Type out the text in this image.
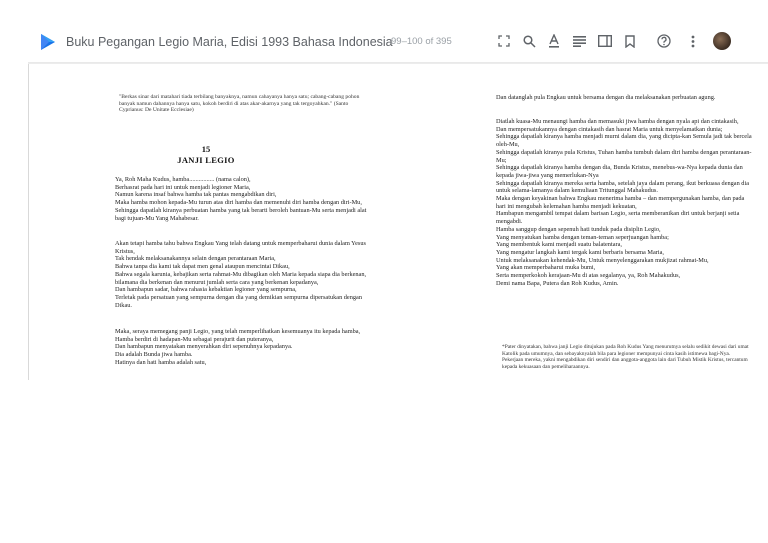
Buku Pegangan Legio Maria, Edisi 1993 Bahasa Indonesia
99–100 of 395

"Berkas sinar dari matahari tiada terbilang banyaknya, namun cahayanya hanya satu; cabang-cabang pohon banyak namun dahannya hanya satu, kokoh berdiri di atas akar-akarnya yang tak tergoyahkan." (Santo Cyprianus: De Unitate Ecclesiae)

15
JANJI LEGIO

Ya, Roh Maha Kudus, hamba................ (nama calon),

Berhasrat pada hari ini untuk menjadi legioner Maria,

Namun karena insaf bahwa hamba tak pantas mengabdikan diri,

Maka hamba mohon kepada-Mu turun atas diri hamba dan memenuhi diri hamba dengan diri-Mu,

Sehingga dapatlah kiranya perbuatan hamba yang tak berarti beroleh bantuan-Mu serta menjadi alat bagi tujuan-Mu Yang Mahabesar.

Akan tetapi hamba tahu bahwa Engkau Yang telah datang untuk memperbaharui dunia dalam Yesus Kristus,

Tak hendak melaksanakannya selain dengan perantaraan Maria,

Bahwa tanpa dia kami tak dapat men genal ataupun mencintai Dikau,

Bahwa segala karunia, kebajikan serta rahmat-Mu dibagikan oleh Maria kepada siapa dia berkenan, bilamana dia berkenan dan menurut jumlah serta cara yang berkenan kepadanya,

Dan hambapun sadar, bahwa rahasia kebaktian legioner yang sempurna,

Terletak pada persatuan yang sempurna dengan dia yang demikian sempurna dipersatukan dengan Dikau.

Maka, seraya memegang panji Legio, yang telah memperlihatkan kesemuanya itu kepada hamba,

Hamba berdiri di hadapan-Mu sebagai perajurit dan puteranya,

Dan hambapun menyatakan menyerahkan diri sepenuhnya kepadanya.

Dia adalah Bunda jiwa hamba.

Hatinya dan hati hamba adalah satu,

Dan datanglah pula Engkau untuk bersama dengan dia melaksanakan perbuatan agung.

Diatlah kuasa-Mu menaungi hamba dan memasuki jiwa hamba dengan nyala api dan cintakasih,

Dan mempersatukannya dengan cintakasih dan hasrat Maria untuk menyelamatkan dunia;

Sehingga dapatlah kiranya hamba menjadi murni dalam dia, yang dicipta-kan Semula jadi tak bercela oleh-Mu,

Sehingga dapatlah kiranya pula Kristus, Tuhan hamba tumbuh dalam diri hamba dengan perantaraan-Mu;

Sehingga dapatlah kiranya hamba dengan dia, Bunda Kristus, menebus-wa-Nya kepada dunia dan kepada jiwa-jiwa yang memerlukan-Nya

Sehingga dapatlah kiranya mereka serta hamba, setelah jaya dalam perang, ikut berkuasa dengan dia untuk selama-lamanya dalam kemuliaan Tritunggal Mahakudus.

Maka dengan keyakinan bahwa Engkau menerima hamba – dan mempergunakan hamba, dan pada hari ini mengubah kelemahan hamba menjadi kekuatan,

Hambapun mengambil tempat dalam barisan Legio, serta memberanikan diri untuk berjanji setia mengabdi.

Hamba sanggup dengan sepenuh hati tunduk pada disiplin Legio,

Yang menyatukan hamba dengan teman-teman seperjuangan hamba;

Yang membentuk kami menjadi suatu balatentara,

Yang mengatur langkah kami tergak kami berbaris bersama Maria,

Untuk melaksanakan kehendak-Mu, Untuk menyelenggarakan mukjizat rahmat-Mu,

Yang akan memperbaharui muka bumi,

Serta memperkokoh kerajaan-Mu di atas segalanya, ya, Roh Mahakudus,

Demi nama Bapa, Putera dan Roh Kudus, Amin.

*Pater dinyatakan, bahwa janji Legio ditujukan pada Roh Kudus Yang menurutnya selalu sedikit dewasi dari umat Katolik pada umumnya, dan sebayaknyalah bila para legioner mempunyai cinta kasih istimewa bagi-Nya. Pekerjaan mereka, yakni mengabdikan diri sendiri dan anggota-anggota lain dari Tubuh Mistik Kristus, tercantum kepada kekuasaan dan pemeliharaannya.
